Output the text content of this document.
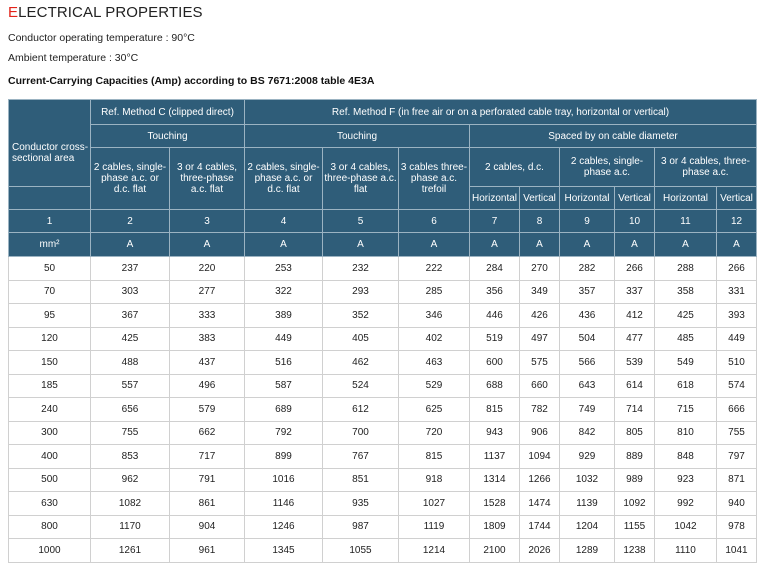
ELECTRICAL PROPERTIES
Conductor operating temperature : 90°C
Ambient temperature : 30°C
Current-Carrying Capacities (Amp) according to BS 7671:2008 table 4E3A
Conductor cross-sectional area	Ref. Method C (clipped direct)		Ref. Method F (in free air or on a perforated cable tray, horizontal or vertical)								
	Touching		Touching			Spaced by on cable diameter					
	2 cables, single-phase a.c. or d.c. flat	3 or 4 cables, three-phase a.c. flat	2 cables, single-phase a.c. or d.c. flat	3 or 4 cables, three-phase a.c. flat	3 cables three-phase a.c. trefoil	2 cables, d.c.		2 cables, single-phase a.c.		3 or 4 cables, three-phase a.c.	
						Horizontal	Vertical	Horizontal	Vertical	Horizontal	Vertical
1	2	3	4	5	6	7	8	9	10	11	12
mm²	A	A	A	A	A	A	A	A	A	A	A
50	237	220	253	232	222	284	270	282	266	288	266
70	303	277	322	293	285	356	349	357	337	358	331
95	367	333	389	352	346	446	426	436	412	425	393
120	425	383	449	405	402	519	497	504	477	485	449
150	488	437	516	462	463	600	575	566	539	549	510
185	557	496	587	524	529	688	660	643	614	618	574
240	656	579	689	612	625	815	782	749	714	715	666
300	755	662	792	700	720	943	906	842	805	810	755
400	853	717	899	767	815	1137	1094	929	889	848	797
500	962	791	1016	851	918	1314	1266	1032	989	923	871
630	1082	861	1146	935	1027	1528	1474	1139	1092	992	940
800	1170	904	1246	987	1119	1809	1744	1204	1155	1042	978
1000	1261	961	1345	1055	1214	2100	2026	1289	1238	1110	1041
